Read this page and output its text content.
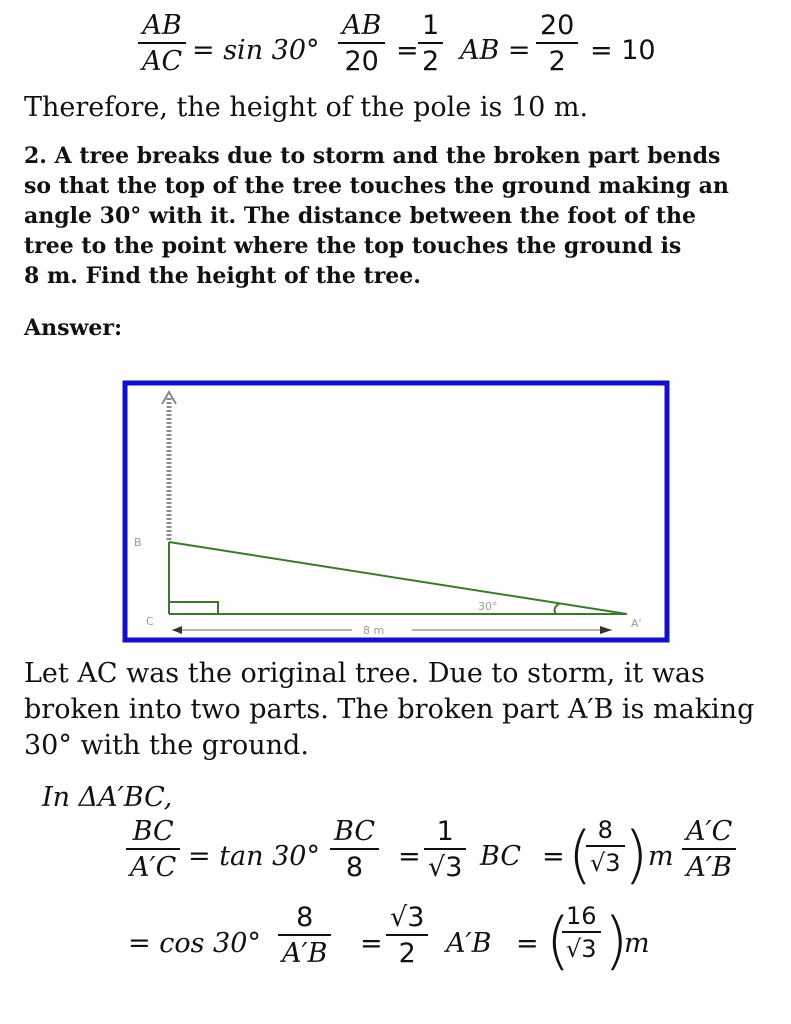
AB
AC = sin 30°
AB
20 =
1
2 AB =
20
2 = 10
Therefore, the height of the pole is 10 m.
2. A tree breaks due to storm and the broken part bends
so that the top of the tree touches the ground making an
angle 30° with it. The distance between the foot of the
tree to the point where the top touches the ground is
8 m. Find the height of the tree.
Answer:
B
C	A'
30°
8 m
Let AC was the original tree. Due to storm, it was
broken into two parts. The broken part A′B is making
30° with the ground.
In ΔA′BC,
BC
A′C = tan 30°
BC
8 =
1
√3 BC = ( 8
√3 ) m
A′C
A′B
= cos 30°
8
A′B =
√3
2 A′B = (
16
√3 )
m
